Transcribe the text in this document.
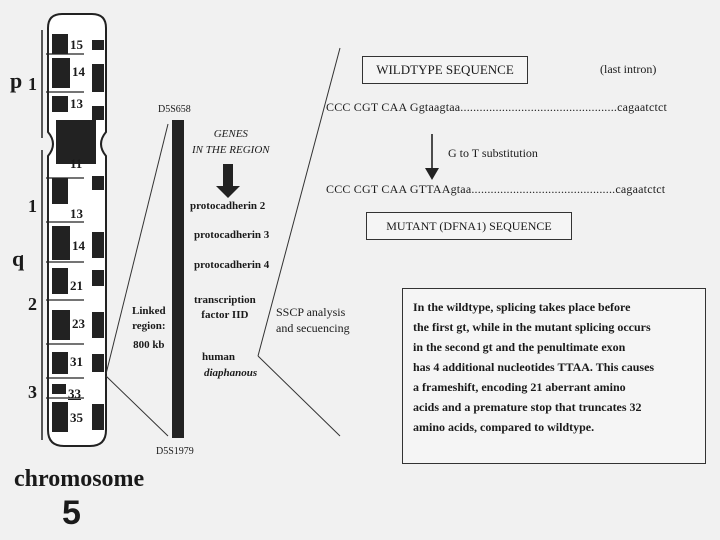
p
q
1
1
2
3
15
14
13
11
13
14
21
23
31
33
35
chromosome
5
D5S658
D5S1979
Linked
region:
800 kb
GENES
IN THE REGION
protocadherin 2
protocadherin 3
protocadherin 4
transcription
factor IID
human
diaphanous
SSCP analysis
and secuencing
WILDTYPE SEQUENCE	(last intron)
CCC CGT CAA Ggtaagtaa.................................................cagaatctct
G to T substitution
CCC CGT CAA GTTAAgtaa.............................................cagaatctct
MUTANT (DFNA1) SEQUENCE
In the wildtype, splicing takes place before
the first gt, while in the mutant splicing occurs
in the second gt and the penultimate exon
has 4 additional nucleotides TTAA. This causes
a frameshift, encoding 21 aberrant amino
acids and a premature stop that truncates 32
amino acids, compared to wildtype.
